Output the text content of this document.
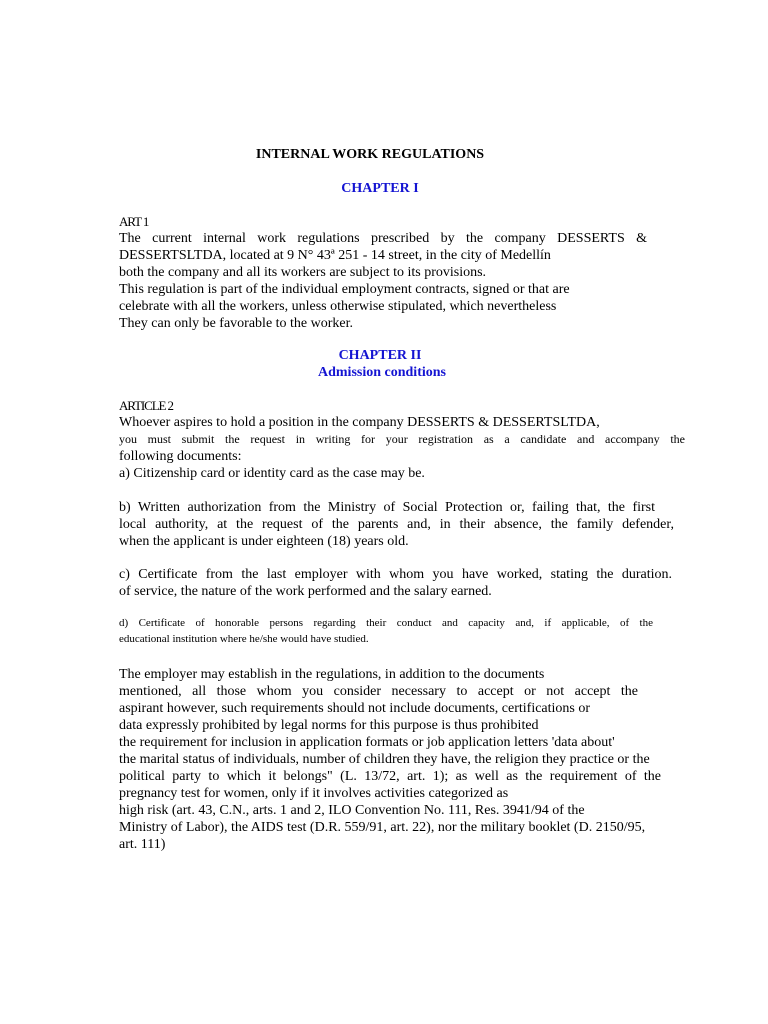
INTERNAL WORK REGULATIONS
CHAPTER I
ART 1
The current internal work regulations prescribed by the company DESSERTS &
DESSERTSLTDA, located at 9 N° 43ª 251 - 14 street, in the city of Medellín
both the company and all its workers are subject to its provisions.
This regulation is part of the individual employment contracts, signed or that are
celebrate with all the workers, unless otherwise stipulated, which nevertheless
They can only be favorable to the worker.
CHAPTER II
Admission conditions
ARTICLE 2
Whoever aspires to hold a position in the company DESSERTS & DESSERTSLTDA,
you must submit the request in writing for your registration as a candidate and accompany the
following documents:
a) Citizenship card or identity card as the case may be.
b) Written authorization from the Ministry of Social Protection or, failing that, the first
local authority, at the request of the parents and, in their absence, the family defender,
when the applicant is under eighteen (18) years old.
c) Certificate from the last employer with whom you have worked, stating the duration.
of service, the nature of the work performed and the salary earned.
d) Certificate of honorable persons regarding their conduct and capacity and, if applicable, of the
educational institution where he/she would have studied.
The employer may establish in the regulations, in addition to the documents
mentioned, all those whom you consider necessary to accept or not accept the
aspirant however, such requirements should not include documents, certifications or
data expressly prohibited by legal norms for this purpose is thus prohibited
the requirement for inclusion in application formats or job application letters 'data about'
the marital status of individuals, number of children they have, the religion they practice or the
political party to which it belongs" (L. 13/72, art. 1); as well as the requirement of the
pregnancy test for women, only if it involves activities categorized as
high risk (art. 43, C.N., arts. 1 and 2, ILO Convention No. 111, Res. 3941/94 of the
Ministry of Labor), the AIDS test (D.R. 559/91, art. 22), nor the military booklet (D. 2150/95,
art. 111)
